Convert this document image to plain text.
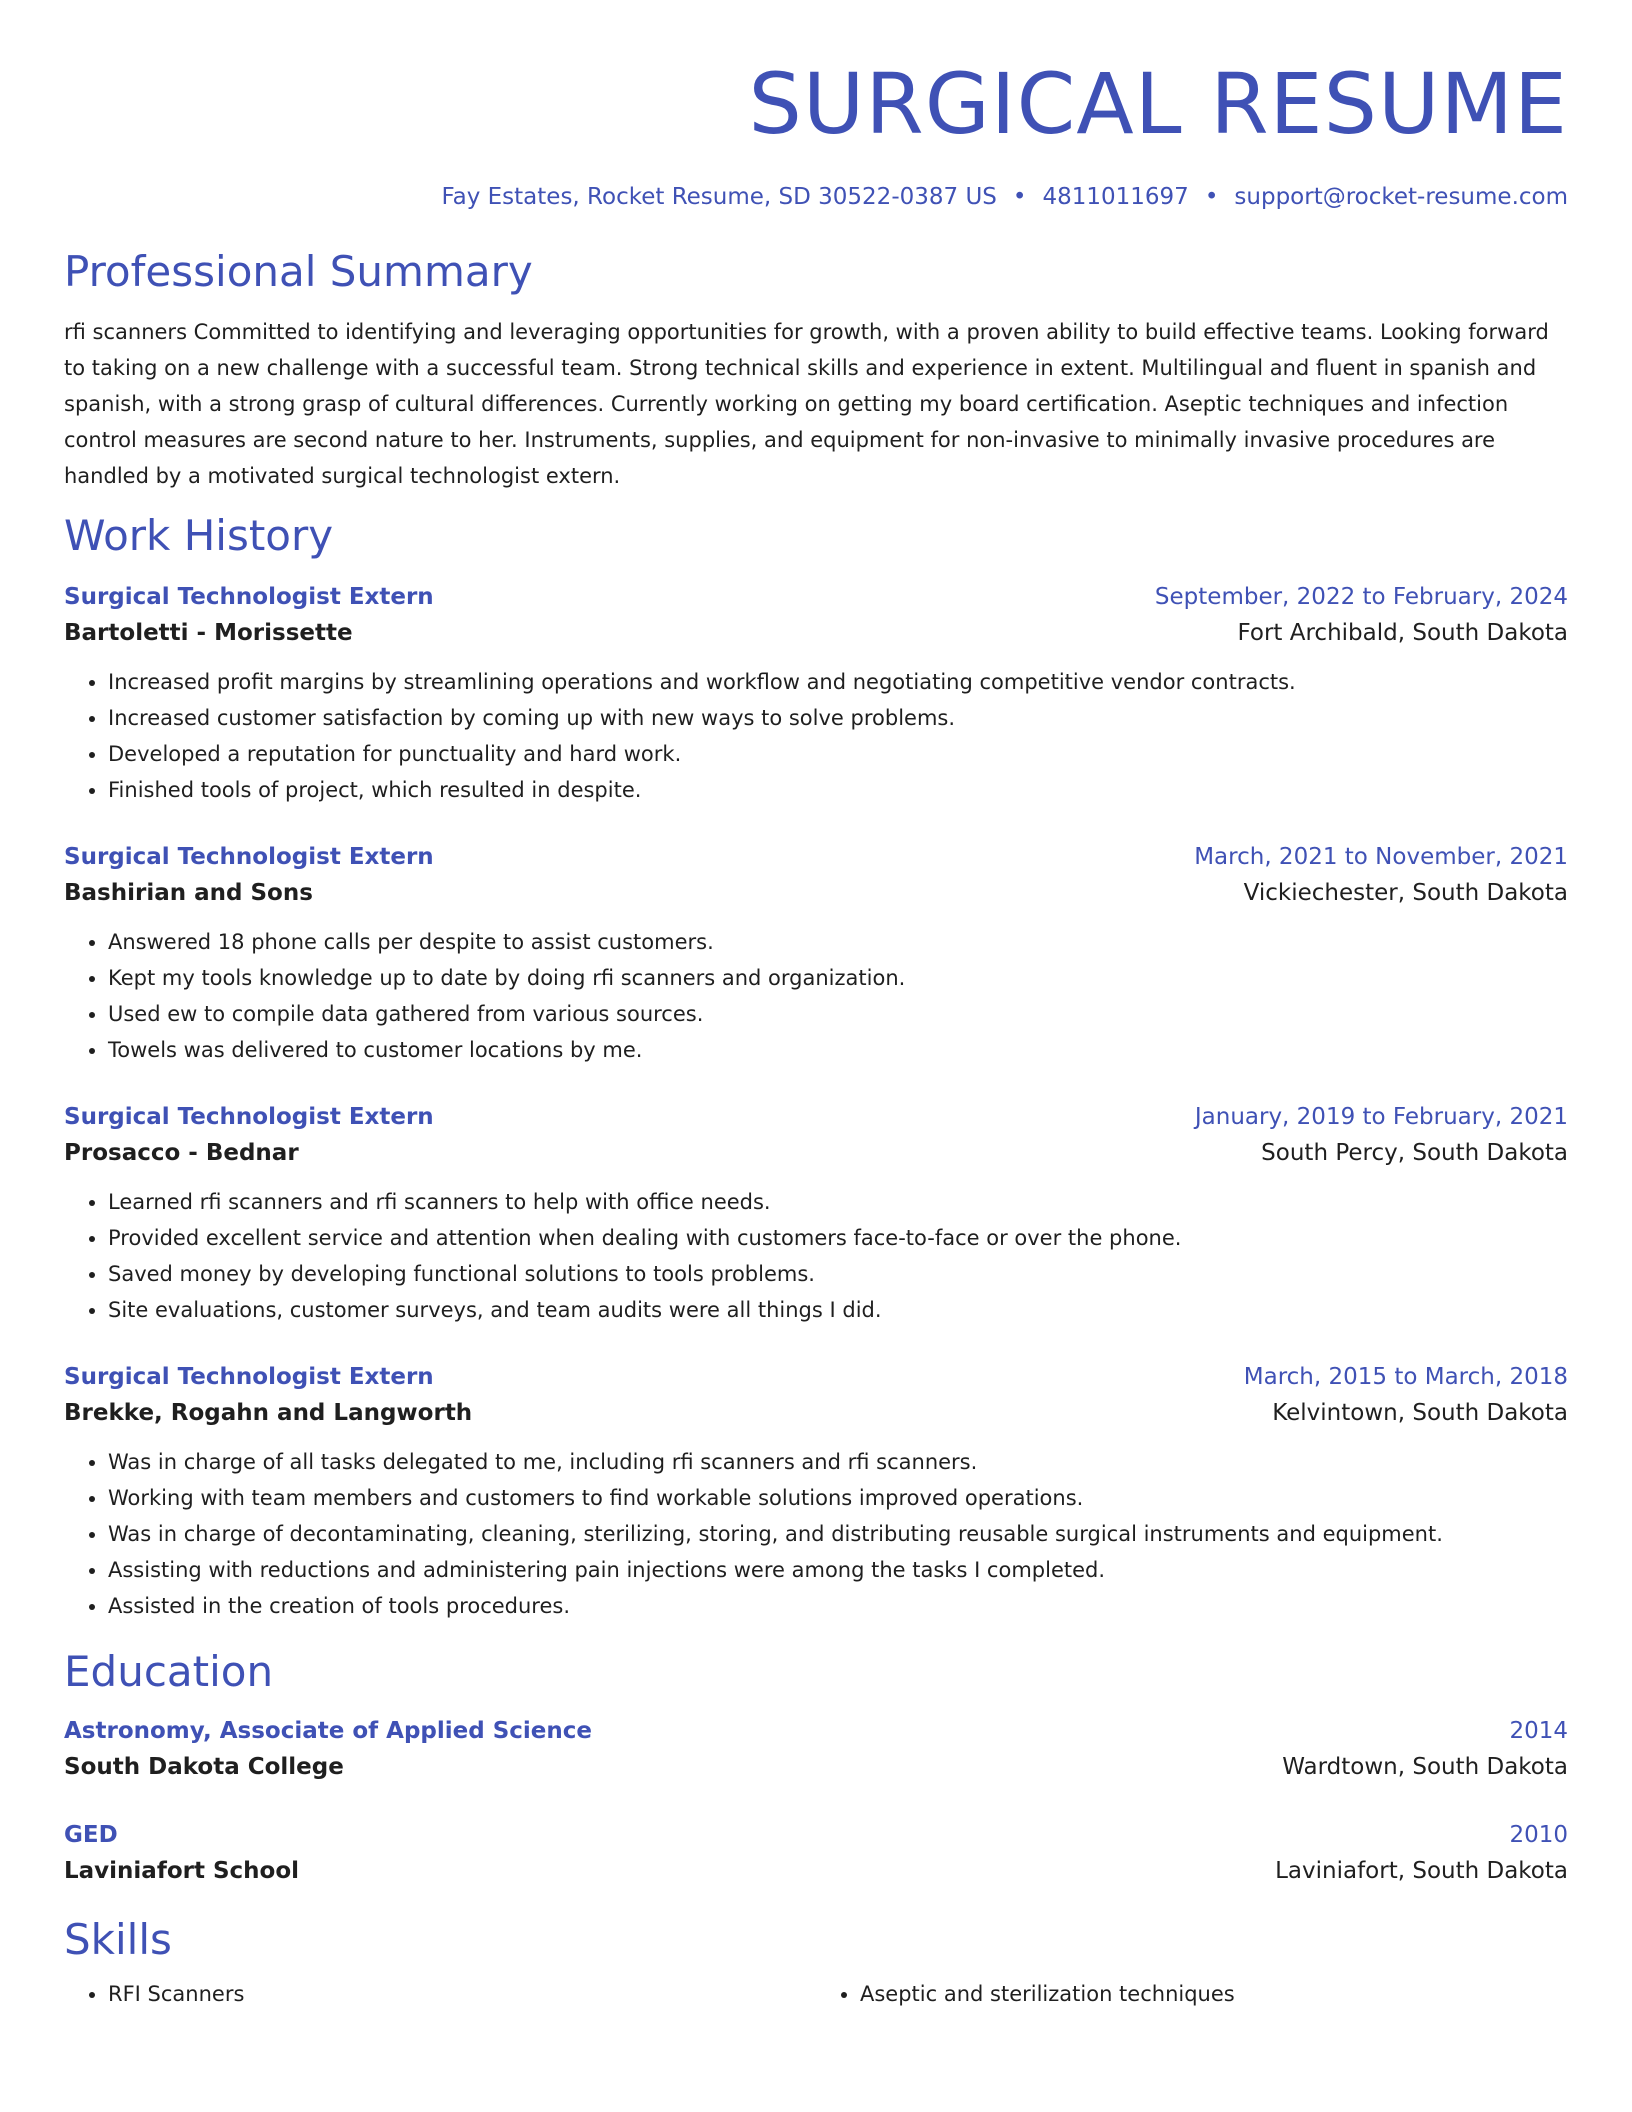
SURGICAL RESUME
Fay Estates, Rocket Resume, SD 30522-0387 US • 4811011697 • support@rocket-resume.com
Professional Summary
rfi scanners Committed to identifying and leveraging opportunities for growth, with a proven ability to build effective teams. Looking forward to taking on a new challenge with a successful team. Strong technical skills and experience in extent. Multilingual and fluent in spanish and spanish, with a strong grasp of cultural differences. Currently working on getting my board certification. Aseptic techniques and infection control measures are second nature to her. Instruments, supplies, and equipment for non-invasive to minimally invasive procedures are handled by a motivated surgical technologist extern.
Work History
Surgical Technologist Extern	September, 2022 to February, 2024
Bartoletti - Morissette	Fort Archibald, South Dakota
• Increased profit margins by streamlining operations and workflow and negotiating competitive vendor contracts.
• Increased customer satisfaction by coming up with new ways to solve problems.
• Developed a reputation for punctuality and hard work.
• Finished tools of project, which resulted in despite.
Surgical Technologist Extern	March, 2021 to November, 2021
Bashirian and Sons	Vickiechester, South Dakota
• Answered 18 phone calls per despite to assist customers.
• Kept my tools knowledge up to date by doing rfi scanners and organization.
• Used ew to compile data gathered from various sources.
• Towels was delivered to customer locations by me.
Surgical Technologist Extern	January, 2019 to February, 2021
Prosacco - Bednar	South Percy, South Dakota
• Learned rfi scanners and rfi scanners to help with office needs.
• Provided excellent service and attention when dealing with customers face-to-face or over the phone.
• Saved money by developing functional solutions to tools problems.
• Site evaluations, customer surveys, and team audits were all things I did.
Surgical Technologist Extern	March, 2015 to March, 2018
Brekke, Rogahn and Langworth	Kelvintown, South Dakota
• Was in charge of all tasks delegated to me, including rfi scanners and rfi scanners.
• Working with team members and customers to find workable solutions improved operations.
• Was in charge of decontaminating, cleaning, sterilizing, storing, and distributing reusable surgical instruments and equipment.
• Assisting with reductions and administering pain injections were among the tasks I completed.
• Assisted in the creation of tools procedures.
Education
Astronomy, Associate of Applied Science	2014
South Dakota College	Wardtown, South Dakota
GED	2010
Laviniafort School	Laviniafort, South Dakota
Skills
• RFI Scanners
•	Aseptic and sterilization techniques
